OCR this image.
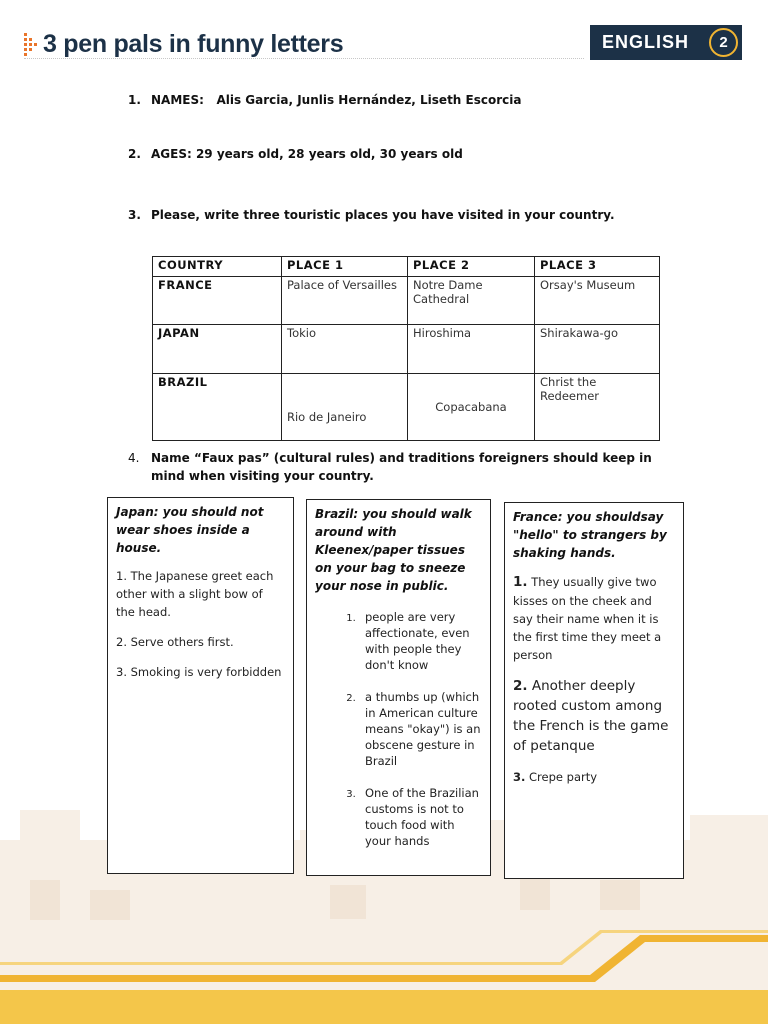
3 pen pals in funny letters	ENGLISH	2
1. NAMES:   Alis Garcia, Junlis Hernández, Liseth Escorcia
2. AGES: 29 years old, 28 years old, 30 years old
3. Please, write three touristic places you have visited in your country.
COUNTRY	PLACE 1	PLACE 2	PLACE 3
FRANCE	Palace of Versailles	Notre Dame Cathedral	Orsay's Museum
JAPAN	Tokio	Hiroshima	Shirakawa-go
BRAZIL	Rio de Janeiro	Copacabana	Christ the Redeemer
4. Name “Faux pas” (cultural rules) and traditions foreigners should keep in mind when visiting your country.
Japan: you should not wear shoes inside a house.

1. The Japanese greet each other with a slight bow of the head.

2. Serve others first.

3. Smoking is very forbidden

Brazil: you should walk around with Kleenex/paper tissues on your bag to sneeze your nose in public.
1. people are very affectionate, even with people they don't know
2. a thumbs up (which in American culture means "okay") is an obscene gesture in Brazil
3. One of the Brazilian customs is not to touch food with your hands
France: you shouldsay "hello" to strangers by shaking hands.

1. They usually give two kisses on the cheek and say their name when it is the first time they meet a person

2. Another deeply rooted custom among the French is the game of petanque

3. Crepe party
